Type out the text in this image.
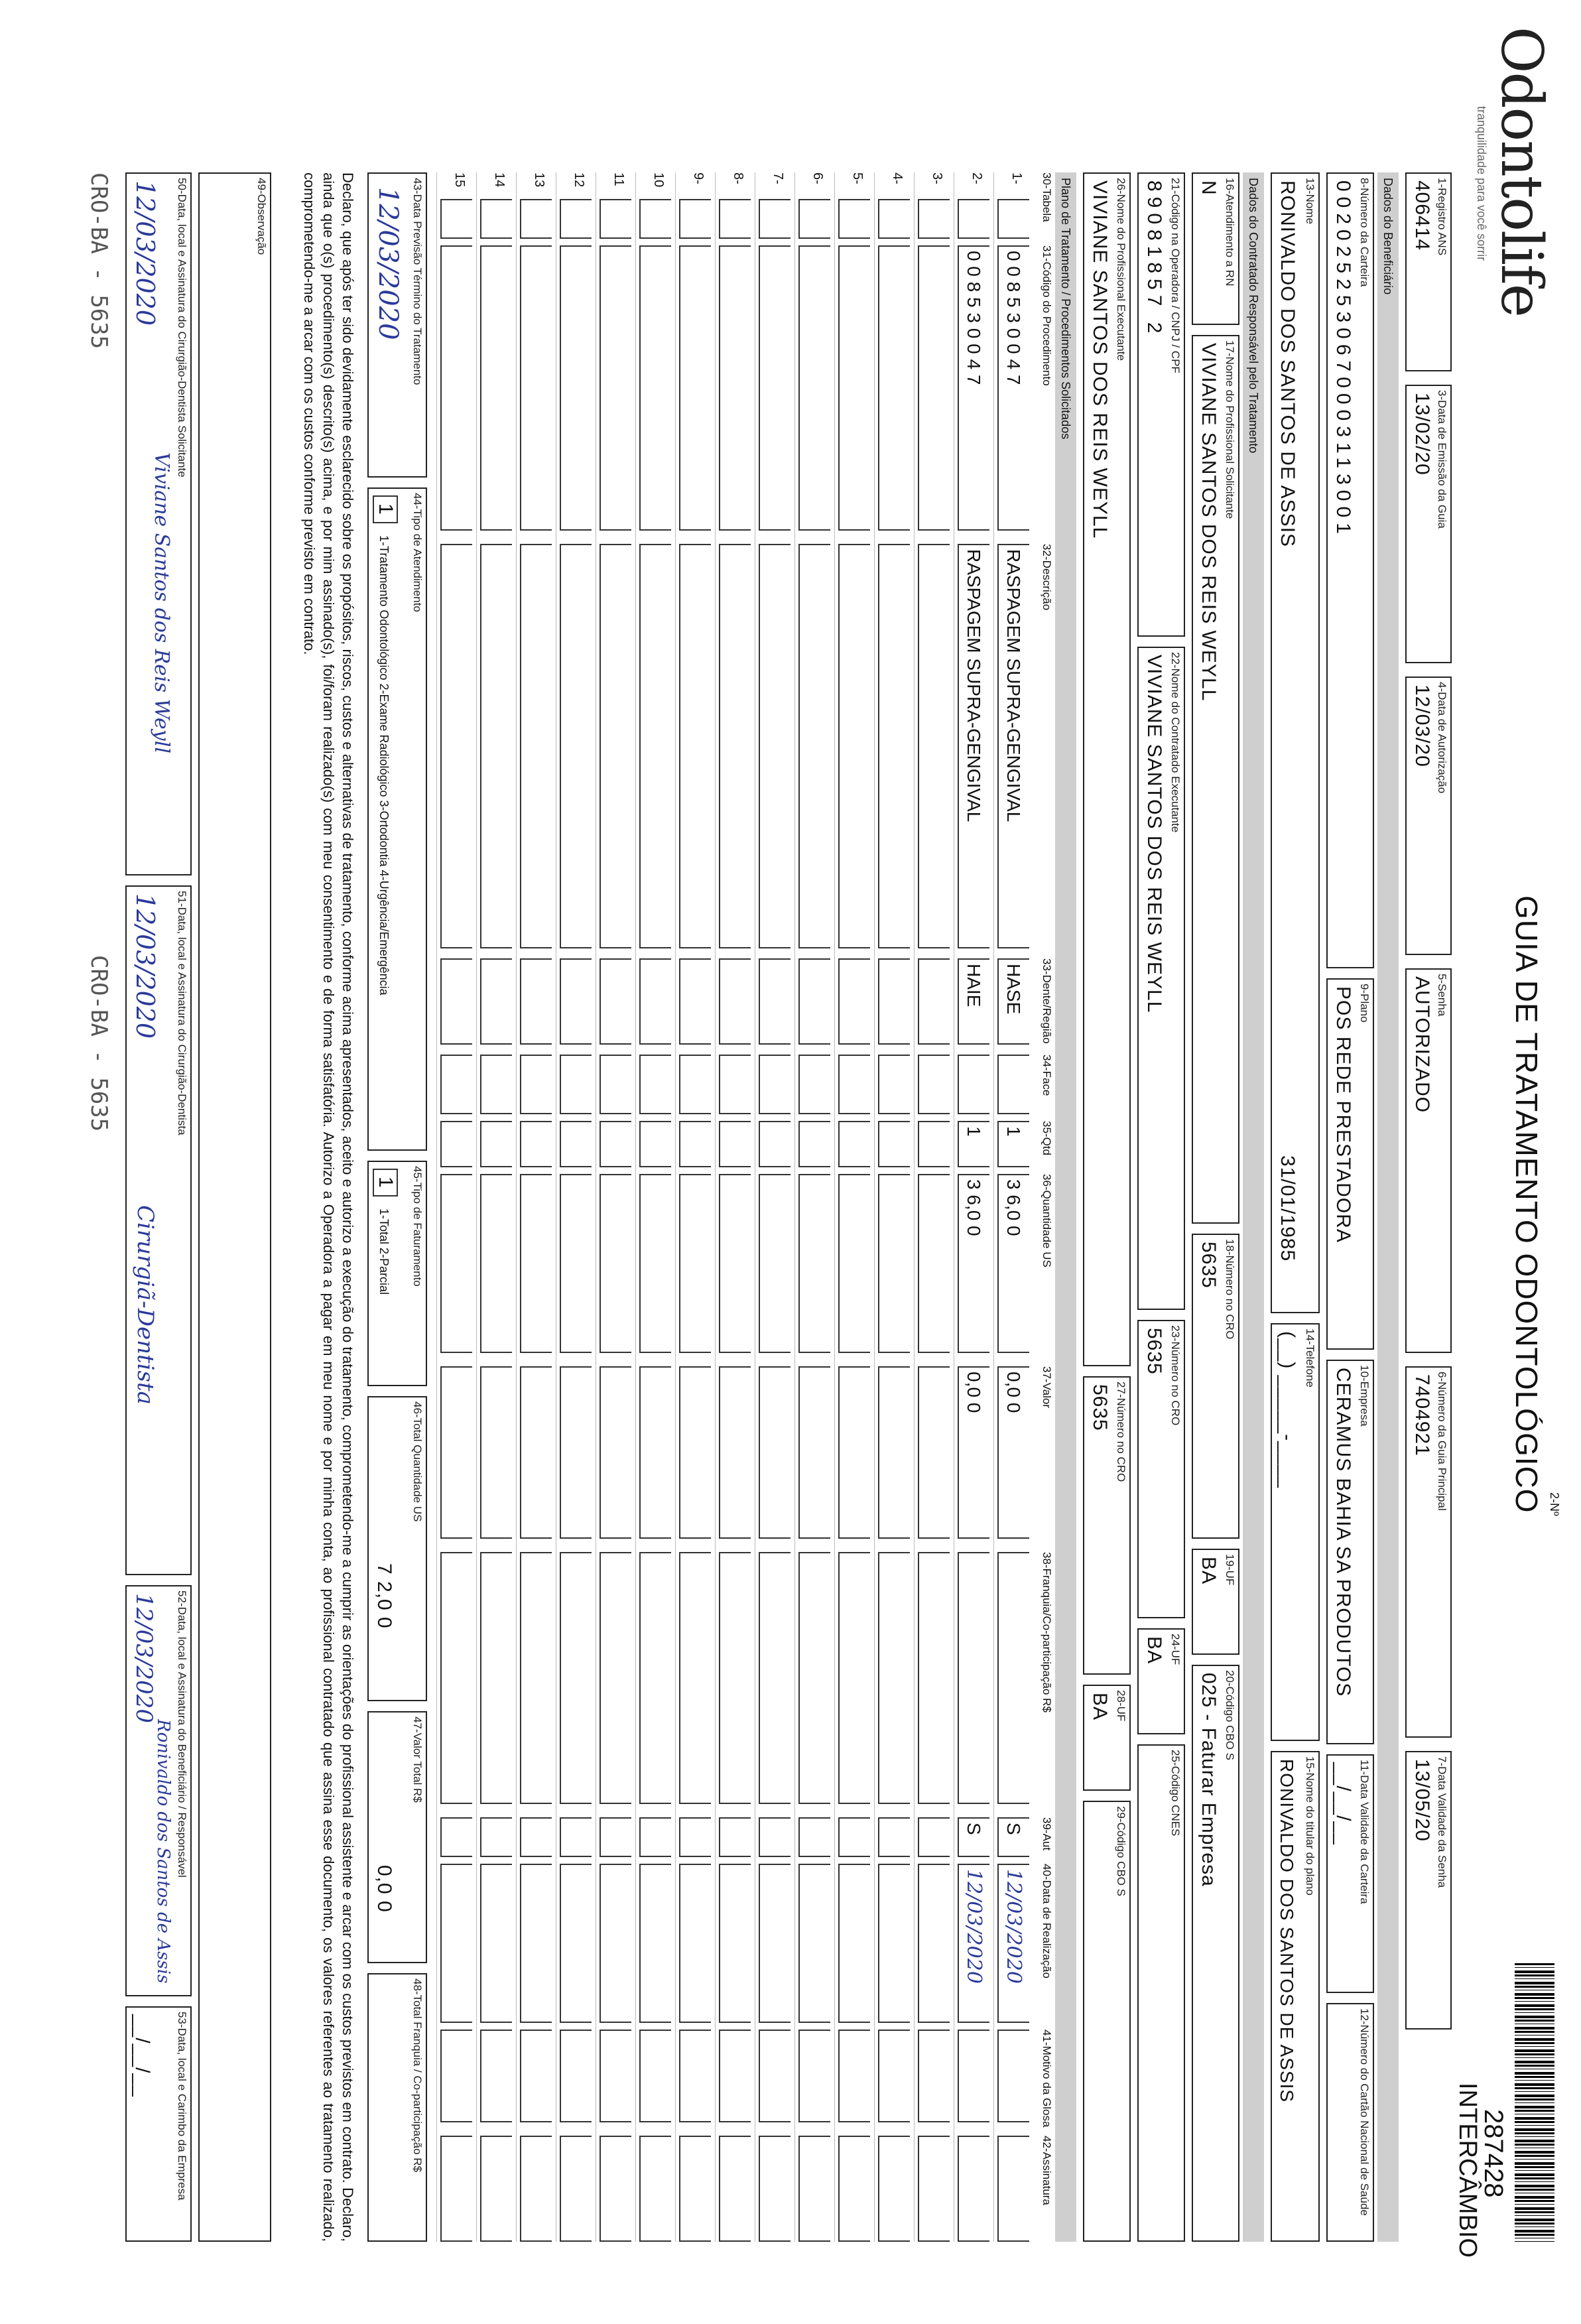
Odontolife
tranquilidade para você sorrir
GUIA DE TRATAMENTO ODONTOLÓGICO 2-Nº
287428
INTERCÂMBIO
1-Registro ANS
406414
3-Data de Emissão da Guia
13/02/20
4-Data de Autorização
12/03/20
5-Senha
AUTORIZADO
6-Número da Guia Principal
7404921
7-Data Validade da Senha
13/05/20
Dados do Beneficiário
8-Número da Carteira
0020252530670003113001
9-Plano
POS REDE PRESTADORA
10-Empresa
CERAMUS BAHIA SA PRODUTOS
11-Data Validade da Carteira
__/__/__
12-Número do Cartão Nacional de Saúde
13-Nome
RONIVALDO DOS SANTOS DE ASSIS
31/01/1985
14-Telefone
(__) _____-____
15-Nome do titular do plano
RONIVALDO DOS SANTOS DE ASSIS
Dados do Contratado Responsável pelo Tratamento
16-Atendimento a RN
N
17-Nome do Profissional Solicitante
VIVIANE SANTOS DOS REIS WEYLL
18-Número no CRO
5635
19-UF
BA
20-Código CBO S
025 - Faturar Empresa
21-Código na Operadora / CNPJ / CPF
89081857 2
22-Nome do Contratado Executante
VIVIANE SANTOS DOS REIS WEYLL
23-Número no CRO
5635
24-UF
BA
25-Código CNES
26-Nome do Profissional Executante
VIVIANE SANTOS DOS REIS WEYLL
27-Número no CRO
5635
28-UF
BA
29-Código CBO S
Plano de Tratamento / Procedimentos Solicitados
30-Tabela
31-Código do Procedimento
32-Descrição
33-Dente/Região
34-Face
35-Qtd
36-Quantidade US
37-Valor
38-Franquia/Co-participação R$
39-Aut
40-Data de Realização
41-Motivo da Glosa
42-Assinatura
1-
0 0 8 5 3 0 0 4 7
RASPAGEM SUPRA-GENGIVAL
HASE
1
3 6,0 0
0,0 0
S
12/03/2020
2-
0 0 8 5 3 0 0 4 7
RASPAGEM SUPRA-GENGIVAL
HAIE
1
3 6,0 0
0,0 0
S
12/03/2020
3-
4-
5-
6-
7-
8-
9-
10
11
12
13
14
15
43-Data Previsão Término do Tratamento
12/03/2020
44-Tipo de Atendimento
1
1-Tratamento Odontológico 2-Exame Radiológico 3-Ortodontia 4-Urgência/Emergência
45-Tipo de Faturamento
1
1-Total 2-Parcial
46-Total Quantidade US
7 2,0 0
47-Valor Total R$
0,0 0
48-Total Franquia / Co-participação R$
Declaro, que após ter sido devidamente esclarecido sobre os propósitos, riscos, custos e alternativas de tratamento, conforme acima apresentados, aceito e autorizo a execução do tratamento, comprometendo-me a cumprir as orientações do profissional assistente e arcar com os custos previstos em contrato. Declaro, ainda que o(s) procedimento(s) descrito(s) acima, e por mim assinado(s), foi/foram realizado(s) com meu consentimento e de forma satisfatória. Autorizo a Operadora a pagar em meu nome e por minha conta, ao profissional contratado que assina esse documento, os valores referentes ao tratamento realizado, comprometendo-me a arcar com os custos conforme previsto em contrato.
49-Observação
50-Data, local e Assinatura do Cirurgião-Dentista Solicitante
12/03/2020
Viviane Santos dos Reis Weyll
51-Data, local e Assinatura do Cirurgião-Dentista
12/03/2020
Cirurgiã-Dentista
52-Data, local e Assinatura do Beneficiário / Responsável
12/03/2020
Ronivaldo dos Santos de Assis
53-Data, local e Carimbo da Empresa
__/__/__
CRO-BA - 5635
CRO-BA - 5635
